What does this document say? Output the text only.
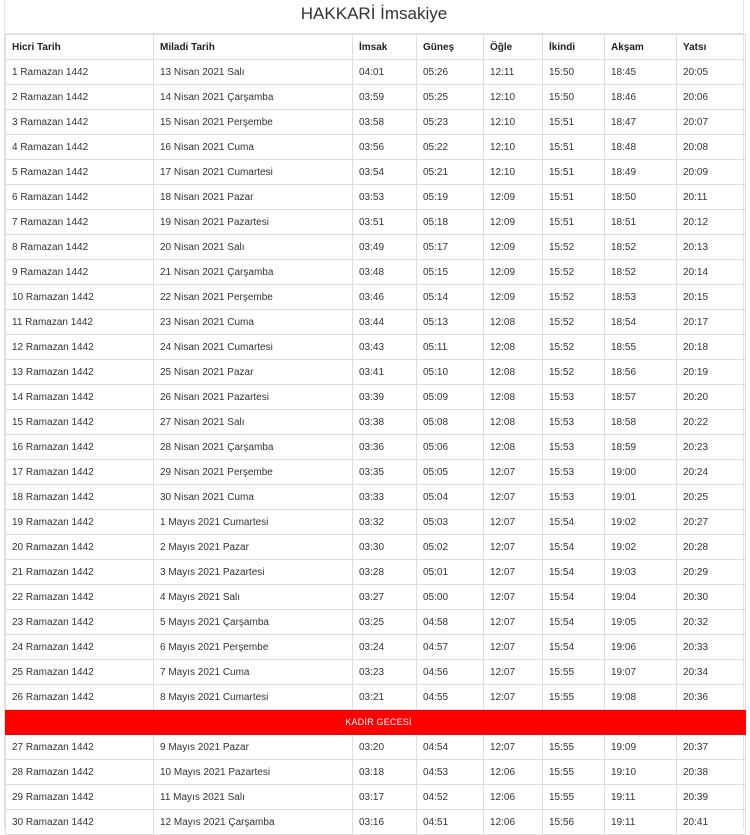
HAKKARİ İmsakiye
Hicri Tarih	Miladi Tarih	İmsak	Güneş	Öğle	İkindi	Akşam	Yatsı
1 Ramazan 1442	13 Nisan 2021 Salı	04:01	05:26	12:11	15:50	18:45	20:05
2 Ramazan 1442	14 Nisan 2021 Çarşamba	03:59	05:25	12:10	15:50	18:46	20:06
3 Ramazan 1442	15 Nisan 2021 Perşembe	03:58	05:23	12:10	15:51	18:47	20:07
4 Ramazan 1442	16 Nisan 2021 Cuma	03:56	05:22	12:10	15:51	18:48	20:08
5 Ramazan 1442	17 Nisan 2021 Cumartesi	03:54	05:21	12:10	15:51	18:49	20:09
6 Ramazan 1442	18 Nisan 2021 Pazar	03:53	05:19	12:09	15:51	18:50	20:11
7 Ramazan 1442	19 Nisan 2021 Pazartesi	03:51	05:18	12:09	15:51	18:51	20:12
8 Ramazan 1442	20 Nisan 2021 Salı	03:49	05:17	12:09	15:52	18:52	20:13
9 Ramazan 1442	21 Nisan 2021 Çarşamba	03:48	05:15	12:09	15:52	18:52	20:14
10 Ramazan 1442	22 Nisan 2021 Perşembe	03:46	05:14	12:09	15:52	18:53	20:15
11 Ramazan 1442	23 Nisan 2021 Cuma	03:44	05:13	12:08	15:52	18:54	20:17
12 Ramazan 1442	24 Nisan 2021 Cumartesi	03:43	05:11	12:08	15:52	18:55	20:18
13 Ramazan 1442	25 Nisan 2021 Pazar	03:41	05:10	12:08	15:52	18:56	20:19
14 Ramazan 1442	26 Nisan 2021 Pazartesi	03:39	05:09	12:08	15:53	18:57	20:20
15 Ramazan 1442	27 Nisan 2021 Salı	03:38	05:08	12:08	15:53	18:58	20:22
16 Ramazan 1442	28 Nisan 2021 Çarşamba	03:36	05:06	12:08	15:53	18:59	20:23
17 Ramazan 1442	29 Nisan 2021 Perşembe	03:35	05:05	12:07	15:53	19:00	20:24
18 Ramazan 1442	30 Nisan 2021 Cuma	03:33	05:04	12:07	15:53	19:01	20:25
19 Ramazan 1442	1 Mayıs 2021 Cumartesi	03:32	05:03	12:07	15:54	19:02	20:27
20 Ramazan 1442	2 Mayıs 2021 Pazar	03:30	05:02	12:07	15:54	19:02	20:28
21 Ramazan 1442	3 Mayıs 2021 Pazartesi	03:28	05:01	12:07	15:54	19:03	20:29
22 Ramazan 1442	4 Mayıs 2021 Salı	03:27	05:00	12:07	15:54	19:04	20:30
23 Ramazan 1442	5 Mayıs 2021 Çarşamba	03:25	04:58	12:07	15:54	19:05	20:32
24 Ramazan 1442	6 Mayıs 2021 Perşembe	03:24	04:57	12:07	15:54	19:06	20:33
25 Ramazan 1442	7 Mayıs 2021 Cuma	03:23	04:56	12:07	15:55	19:07	20:34
26 Ramazan 1442	8 Mayıs 2021 Cumartesi	03:21	04:55	12:07	15:55	19:08	20:36
KADİR GECESİ							
27 Ramazan 1442	9 Mayıs 2021 Pazar	03:20	04:54	12:07	15:55	19:09	20:37
28 Ramazan 1442	10 Mayıs 2021 Pazartesi	03:18	04:53	12:06	15:55	19:10	20:38
29 Ramazan 1442	11 Mayıs 2021 Salı	03:17	04:52	12:06	15:55	19:11	20:39
30 Ramazan 1442	12 Mayıs 2021 Çarşamba	03:16	04:51	12:06	15:56	19:11	20:41
